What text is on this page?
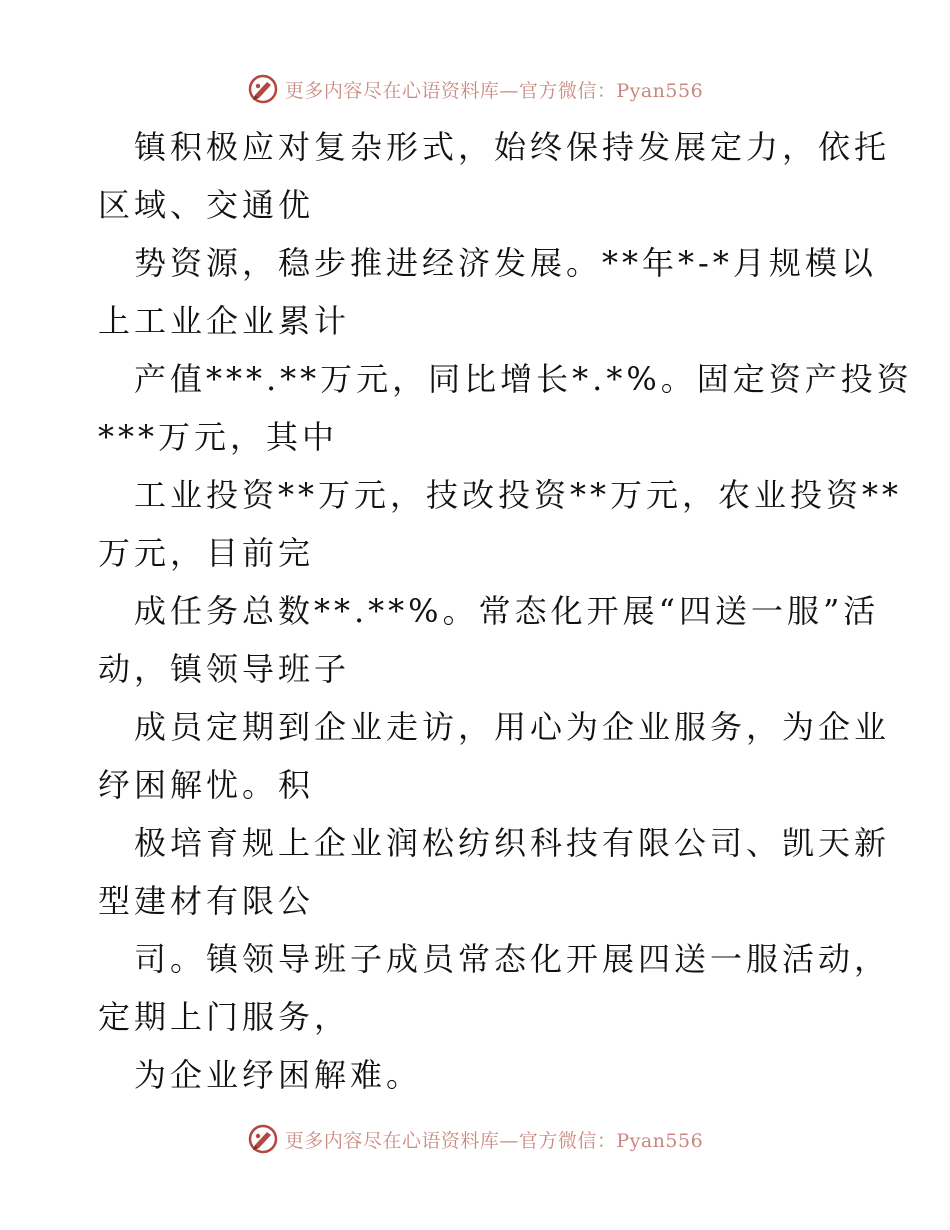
更多内容尽在心语资料库—官方微信：Pyan556

镇积极应对复杂形式，始终保持发展定力，依托

区域、交通优

势资源，稳步推进经济发展。**年*-*月规模以

上工业企业累计

产值***.**万元，同比增长*.*%。固定资产投资

***万元，其中

工业投资**万元，技改投资**万元，农业投资**

万元，目前完

成任务总数**.**%。常态化开展“四送一服”活

动，镇领导班子

成员定期到企业走访，用心为企业服务，为企业

纾困解忧。积

极培育规上企业润松纺织科技有限公司、凯天新

型建材有限公

司。镇领导班子成员常态化开展四送一服活动，

定期上门服务，

为企业纾困解难。

更多内容尽在心语资料库—官方微信：Pyan556
